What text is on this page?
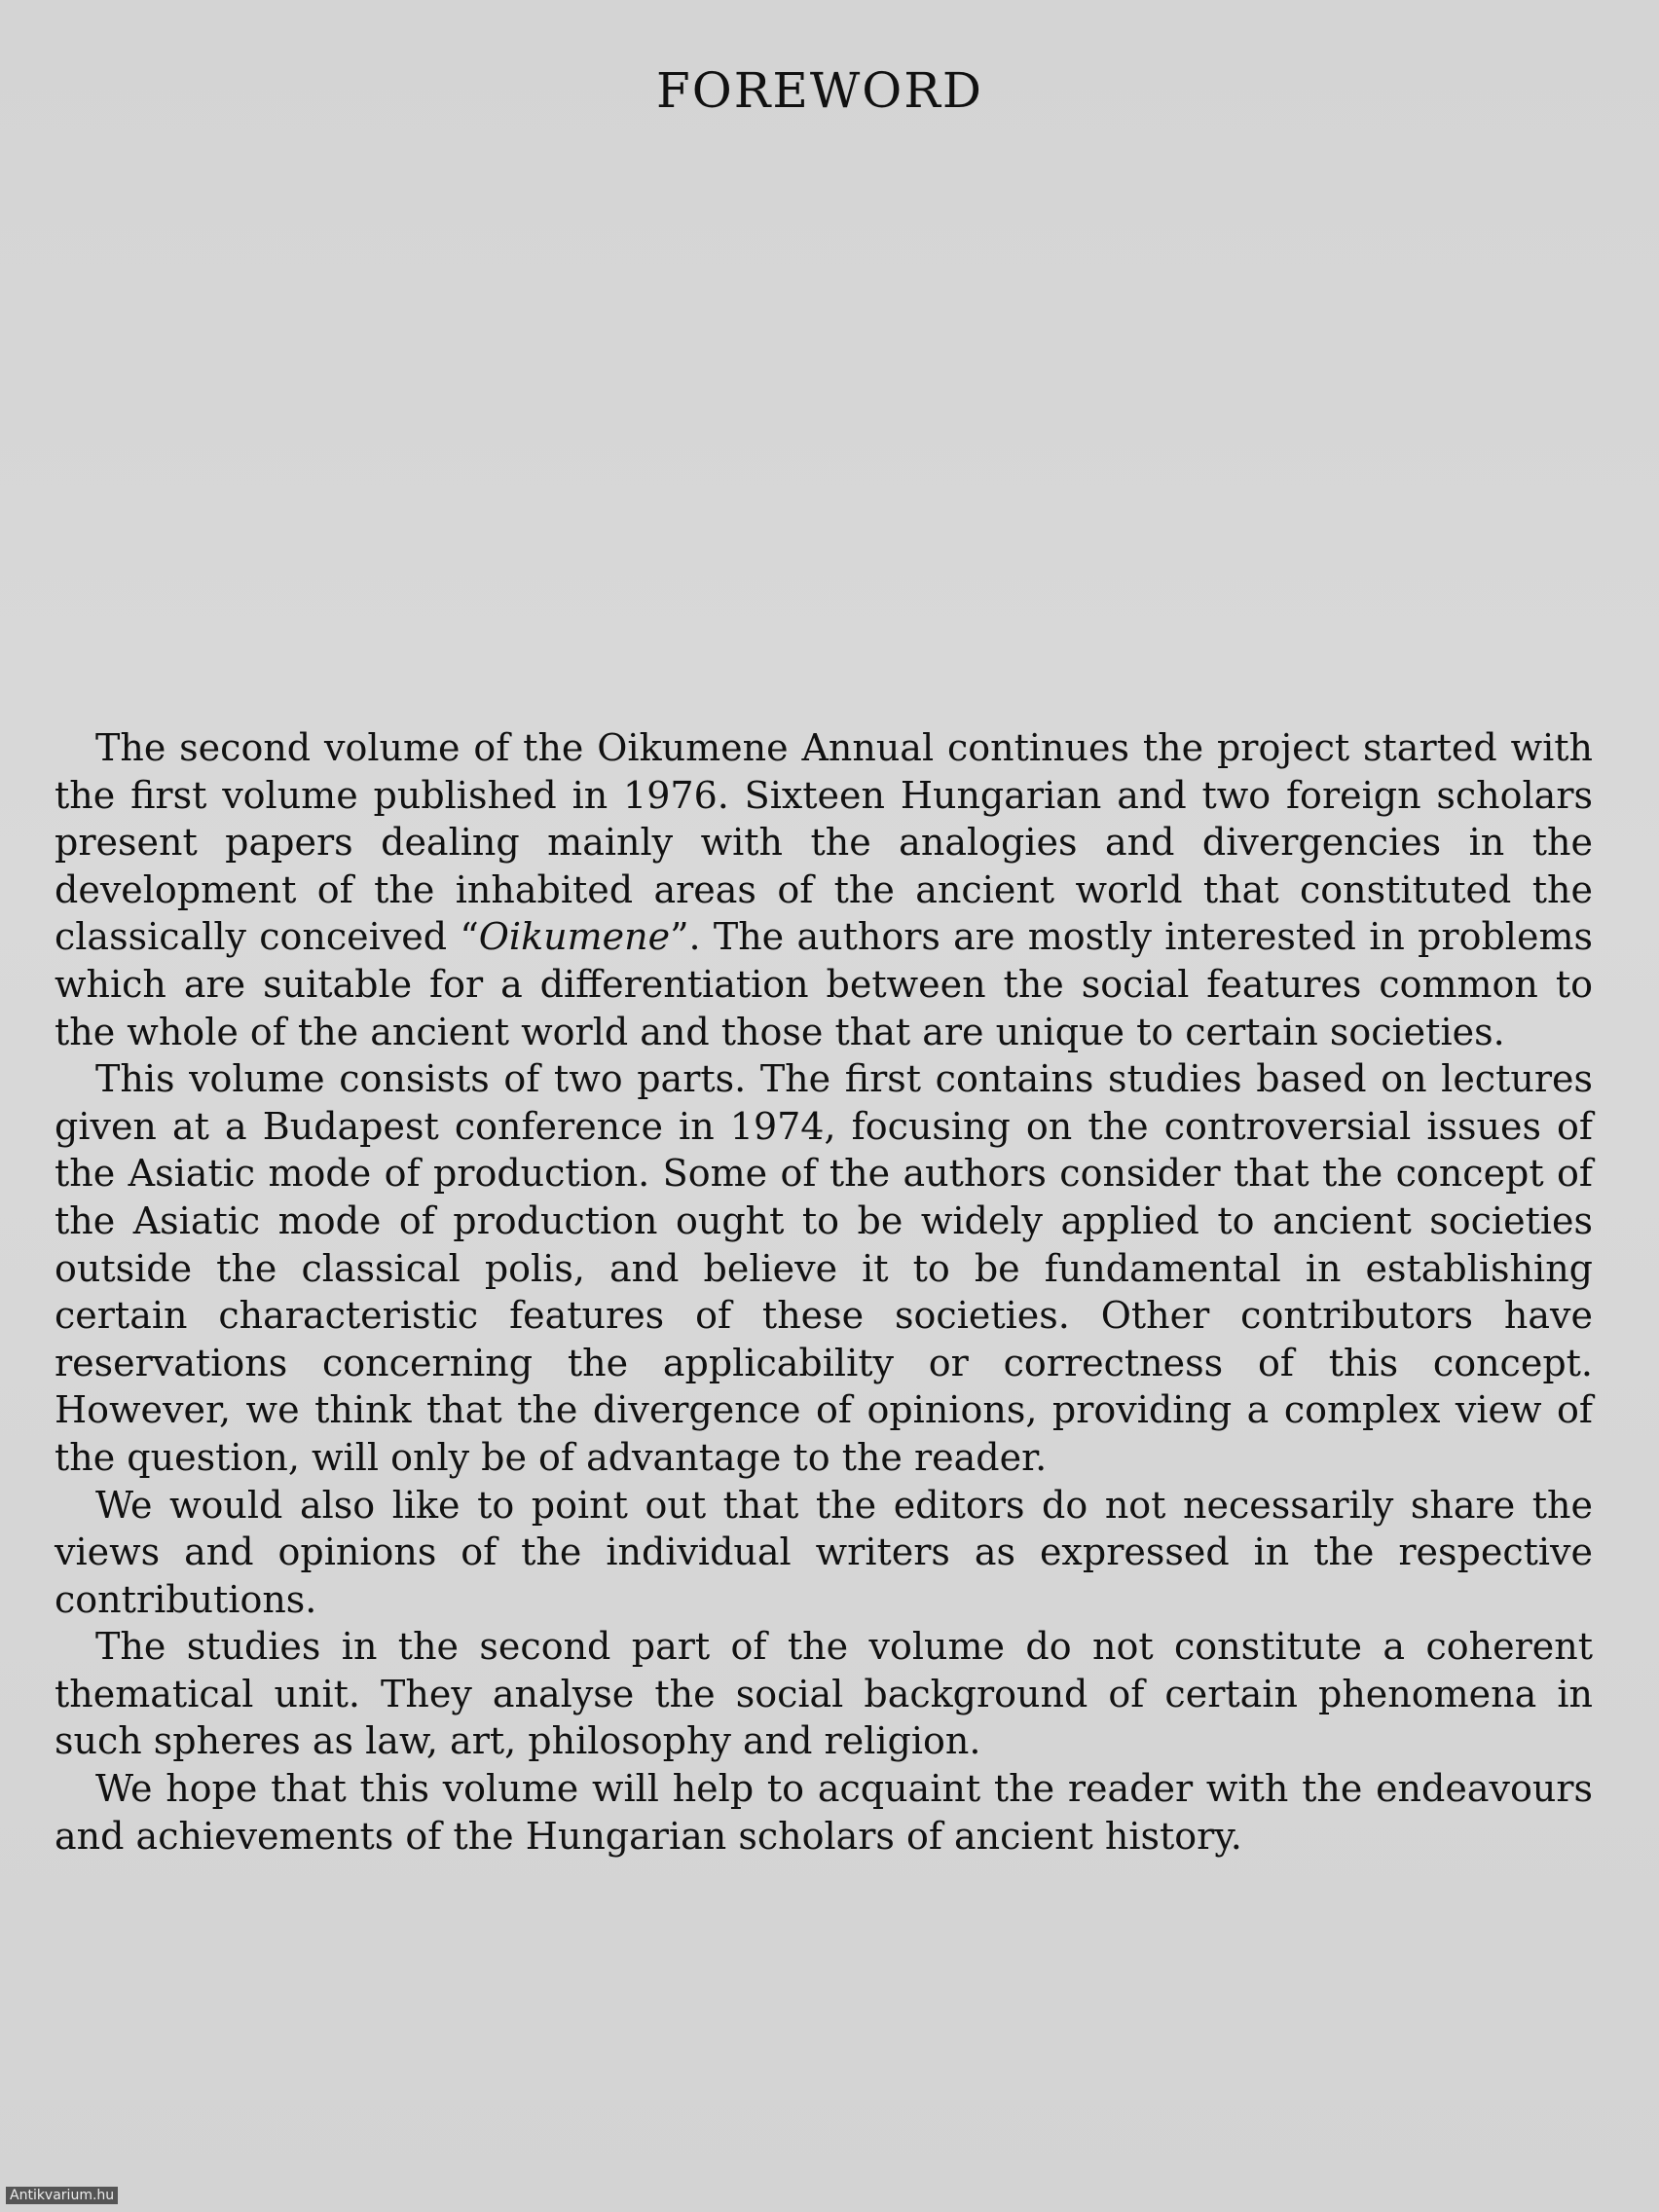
FOREWORD

The second volume of the Oikumene Annual continues the project started with the first volume published in 1976. Sixteen Hungarian and two foreign scholars present papers dealing mainly with the analogies and divergencies in the development of the inhabited areas of the ancient world that constituted the classically conceived “Oikumene”. The authors are mostly interested in problems which are suitable for a differentiation between the social features common to the whole of the ancient world and those that are unique to certain societies.

This volume consists of two parts. The first contains studies based on lectures given at a Budapest conference in 1974, focusing on the controversial issues of the Asiatic mode of production. Some of the authors consider that the concept of the Asiatic mode of production ought to be widely applied to ancient societies outside the classical polis, and believe it to be fundamental in establishing certain characteristic features of these societies. Other contributors have reservations concerning the applicability or correctness of this concept. However, we think that the divergence of opinions, providing a complex view of the question, will only be of advantage to the reader.

We would also like to point out that the editors do not necessarily share the views and opinions of the individual writers as expressed in the respective contributions.

The studies in the second part of the volume do not constitute a coherent thematical unit. They analyse the social background of certain phenomena in such spheres as law, art, philosophy and religion.

We hope that this volume will help to acquaint the reader with the endeavours and achievements of the Hungarian scholars of ancient history.

Antikvarium.hu
